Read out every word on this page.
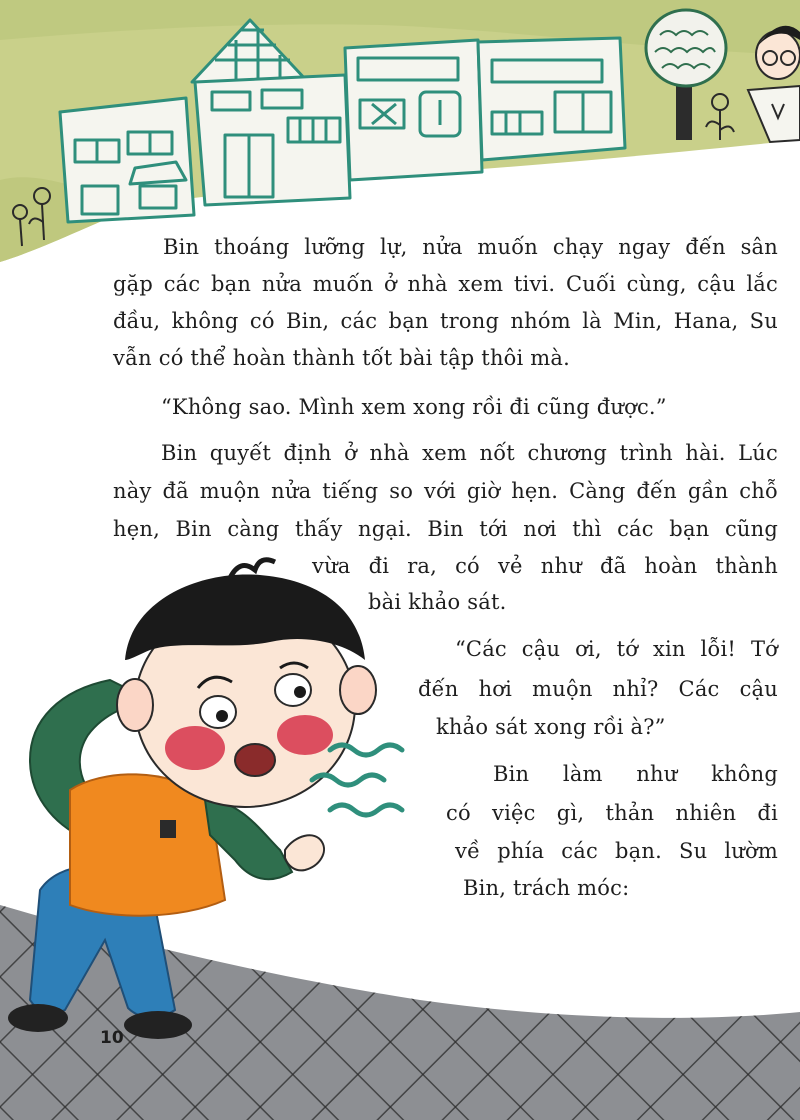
Bin thoáng lưỡng lự, nửa muốn chạy ngay đến sân
gặp các bạn nửa muốn ở nhà xem tivi. Cuối cùng, cậu lắc
đầu, không có Bin, các bạn trong nhóm là Min, Hana, Su
vẫn có thể hoàn thành tốt bài tập thôi mà.

“Không sao. Mình xem xong rồi đi cũng được.”

Bin quyết định ở nhà xem nốt chương trình hài. Lúc
này đã muộn nửa tiếng so với giờ hẹn. Càng đến gần chỗ
hẹn, Bin càng thấy ngại. Bin tới nơi thì các bạn cũng
vừa đi ra, có vẻ như đã hoàn thành
bài khảo sát.

“Các cậu ơi, tớ xin lỗi! Tớ
đến hơi muộn nhỉ? Các cậu
khảo sát xong rồi à?”

Bin làm như không
có việc gì, thản nhiên đi
về phía các bạn. Su lườm
Bin, trách móc:

10
